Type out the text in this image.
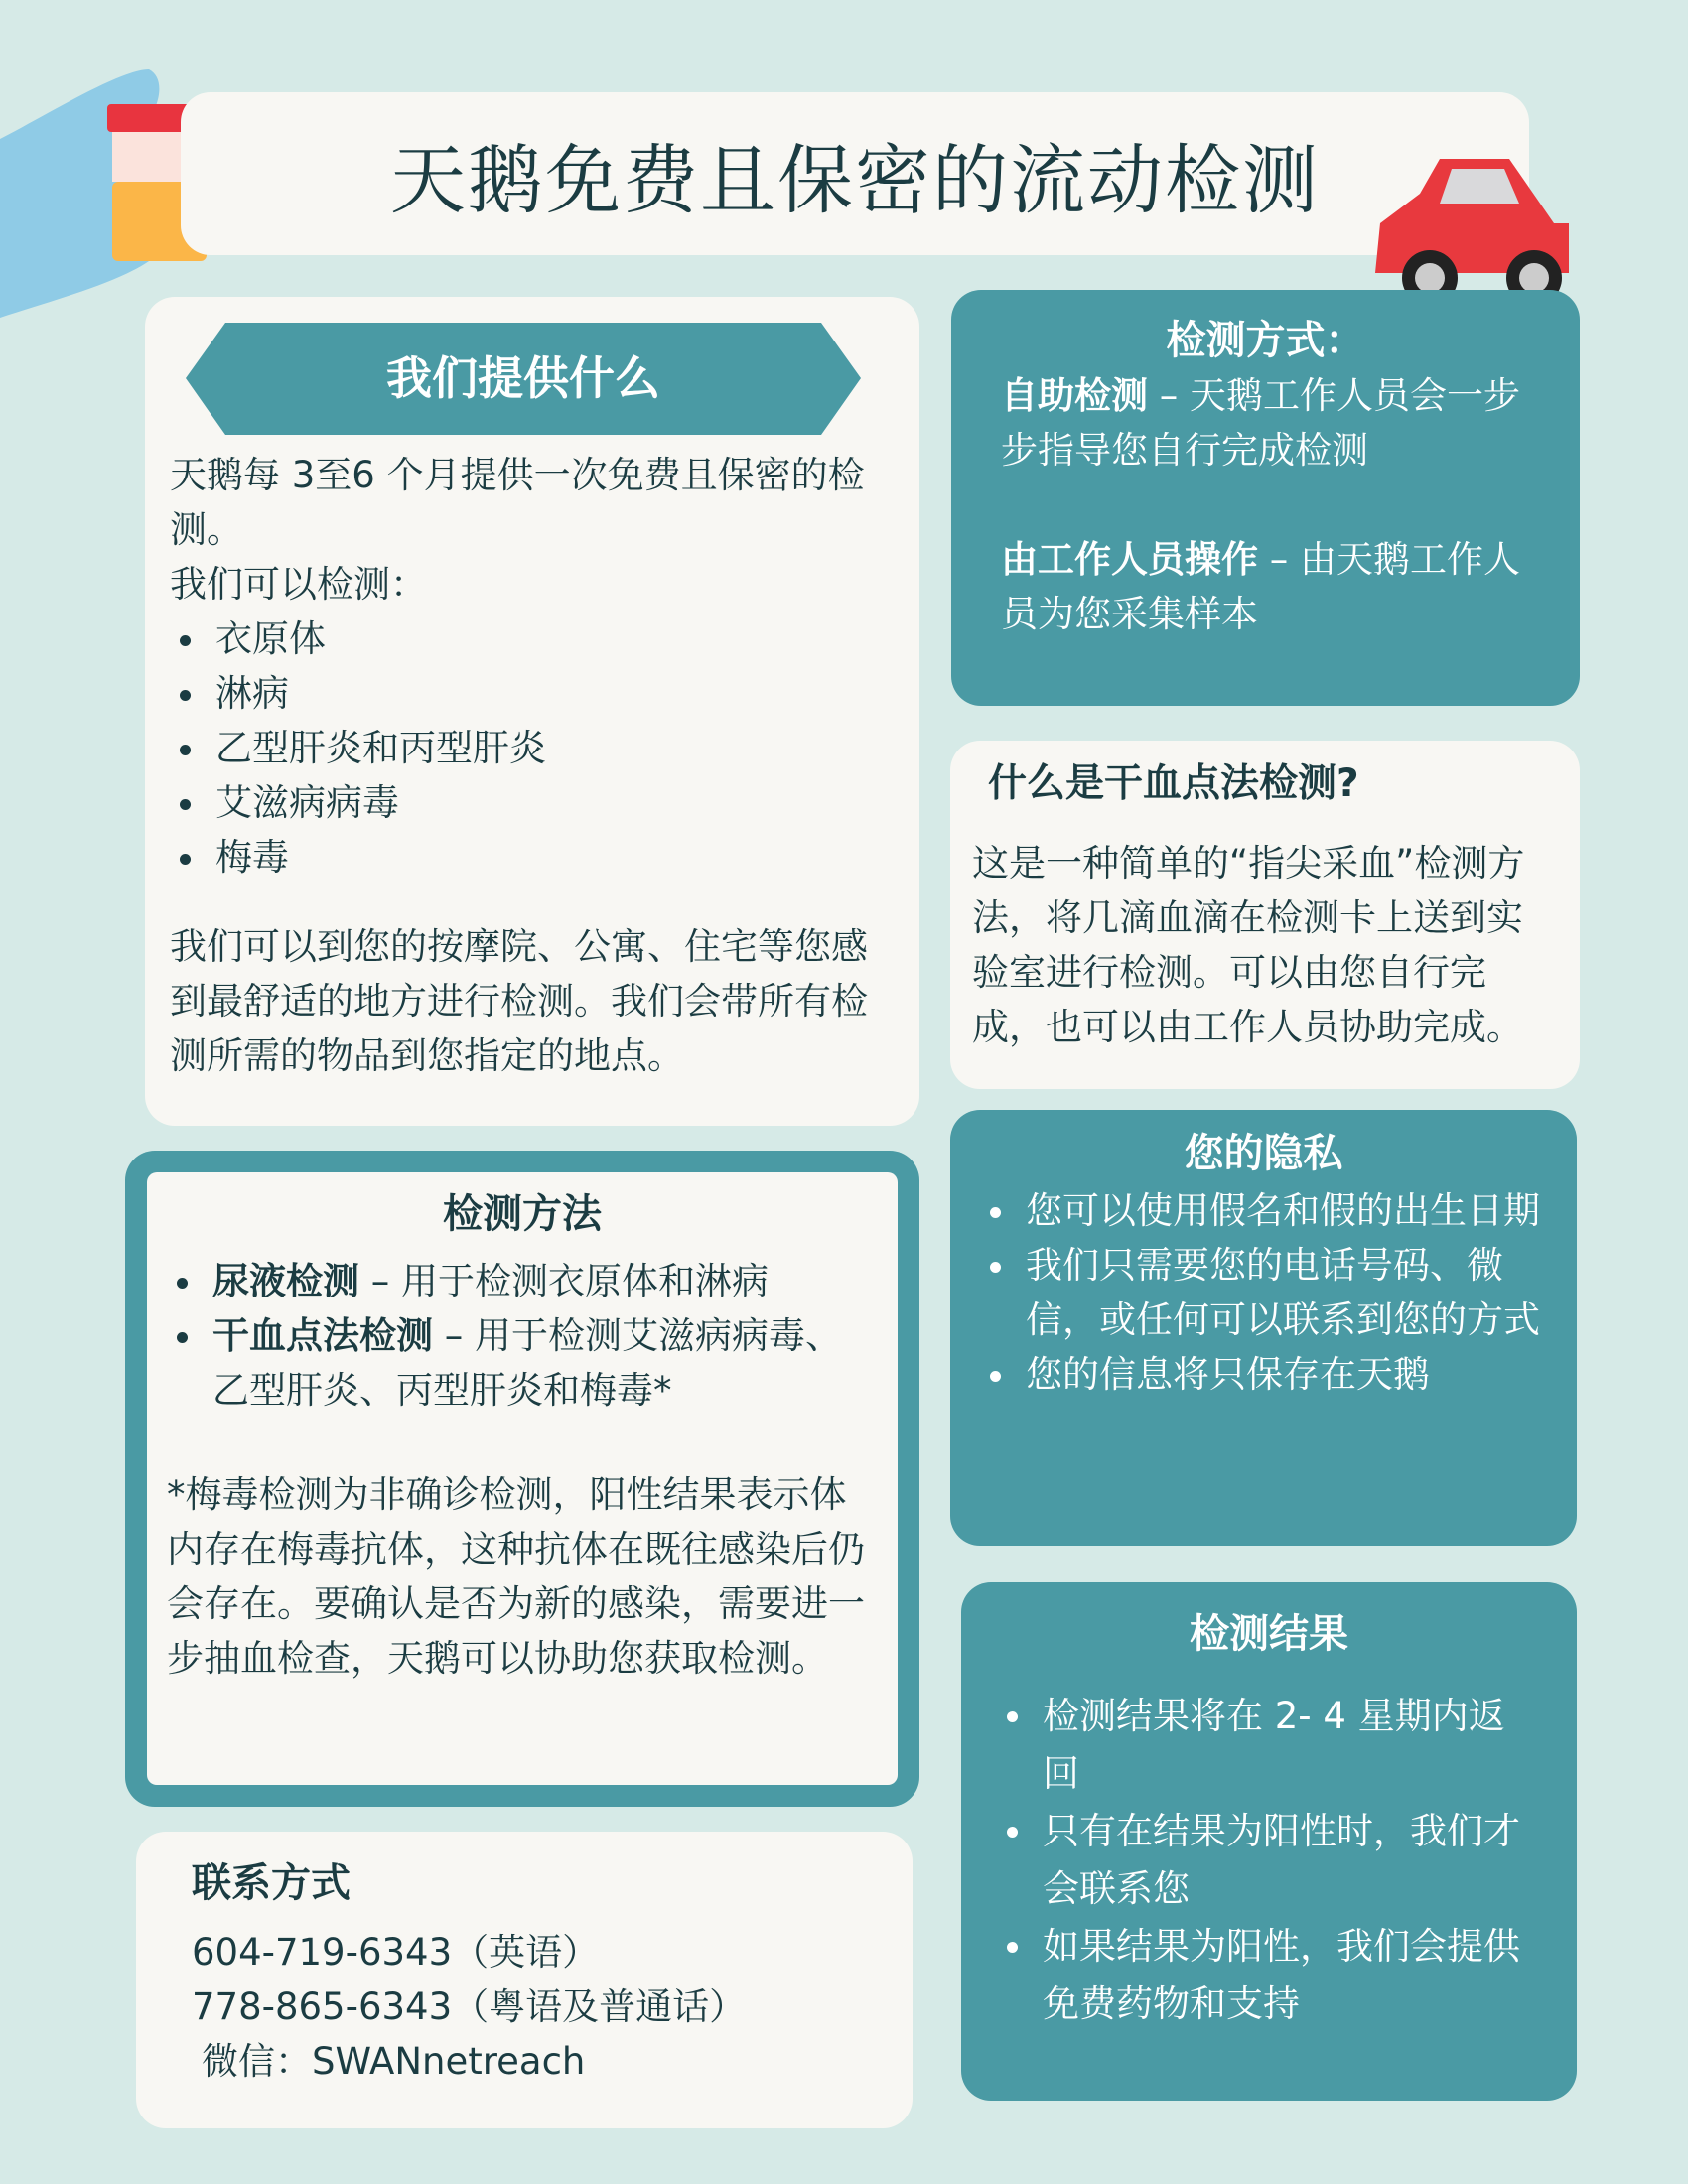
天鹅免费且保密的流动检测
我们提供什么

天鹅每 3至6 个月提供一次免费且保密的检测。

我们可以检测：

衣原体
淋病
乙型肝炎和丙型肝炎
艾滋病病毒
梅毒

我们可以到您的按摩院、公寓、住宅等您感到最舒适的地方进行检测。我们会带所有检测所需的物品到您指定的地点。

检测方法
尿液检测 – 用于检测衣原体和淋病
干血点法检测 – 用于检测艾滋病病毒、乙型肝炎、丙型肝炎和梅毒*

*梅毒检测为非确诊检测，阳性结果表示体内存在梅毒抗体，这种抗体在既往感染后仍会存在。要确认是否为新的感染，需要进一步抽血检查，天鹅可以协助您获取检测。

联系方式

604-719-6343（英语）

778-865-6343（粤语及普通话）

微信：SWANnetreach

检测方式：

自助检测 – 天鹅工作人员会一步步指导您自行完成检测

由工作人员操作 – 由天鹅工作人员为您采集样本

什么是干血点法检测?

这是一种简单的“指尖采血”检测方法，将几滴血滴在检测卡上送到实验室进行检测。可以由您自行完成，也可以由工作人员协助完成。

您的隐私
您可以使用假名和假的出生日期
我们只需要您的电话号码、微信，或任何可以联系到您的方式
您的信息将只保存在天鹅
检测结果
检测结果将在 2- 4 星期内返回
只有在结果为阳性时，我们才会联系您
如果结果为阳性，我们会提供免费药物和支持
